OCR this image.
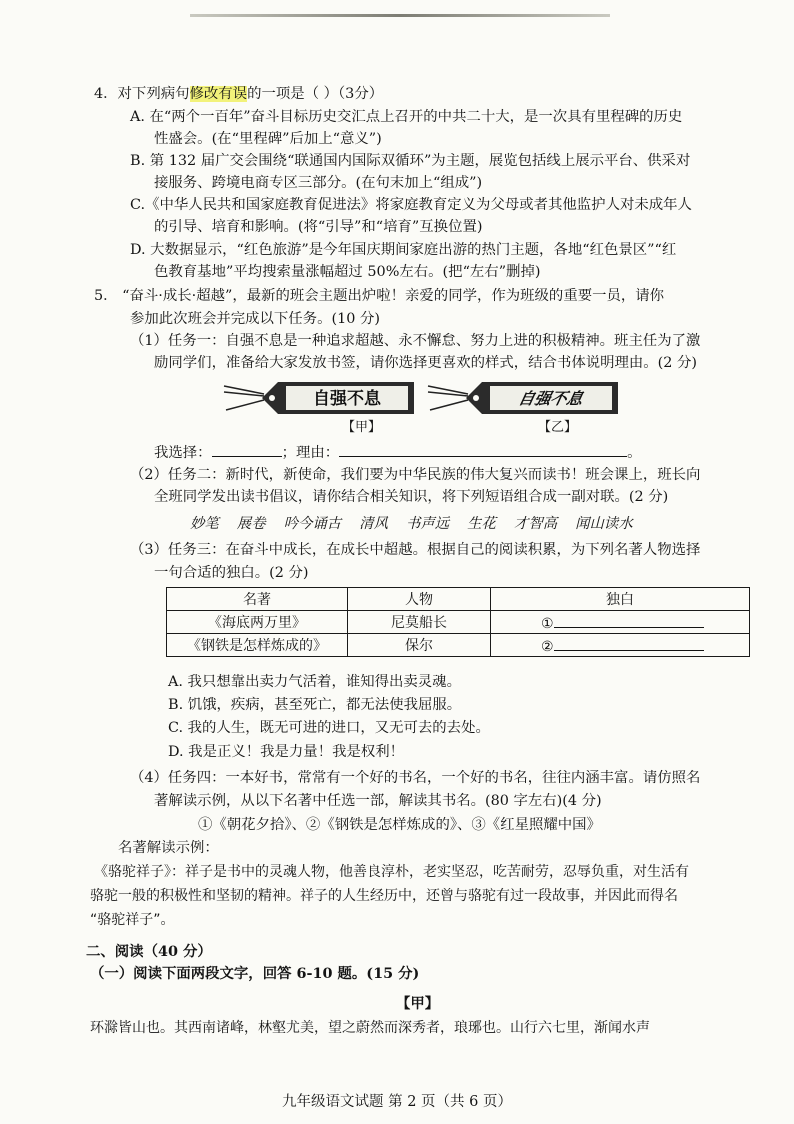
4．对下列病句修改有误的一项是（ ）（3分）
A. 在“两个一百年”奋斗目标历史交汇点上召开的中共二十大，是一次具有里程碑的历史
性盛会。(在“里程碑”后加上“意义”)
B. 第 132 届广交会围绕“联通国内国际双循环”为主题，展览包括线上展示平台、供采对
接服务、跨境电商专区三部分。(在句末加上“组成”)
C.《中华人民共和国家庭教育促进法》将家庭教育定义为父母或者其他监护人对未成年人
的引导、培育和影响。(将“引导”和“培育”互换位置)
D. 大数据显示，“红色旅游”是今年国庆期间家庭出游的热门主题，各地“红色景区”“红
色教育基地”平均搜索量涨幅超过 50%左右。(把“左右”删掉)
5． “奋斗·成长·超越”，最新的班会主题出炉啦！亲爱的同学，作为班级的重要一员，请你
参加此次班会并完成以下任务。(10 分)
（1）任务一：自强不息是一种追求超越、永不懈怠、努力上进的积极精神。班主任为了激
励同学们，准备给大家发放书签，请你选择更喜欢的样式，结合书体说明理由。(2 分)
自强不息	自强不息
【甲】	【乙】
我选择：	；理由：	。
（2）任务二：新时代，新使命，我们要为中华民族的伟大复兴而读书！班会课上，班长向
全班同学发出读书倡议，请你结合相关知识，将下列短语组合成一副对联。(2 分)
妙笔 展卷 吟今诵古 清风 书声远 生花 才智高 闻山读水
（3）任务三：在奋斗中成长，在成长中超越。根据自己的阅读积累，为下列名著人物选择
一句合适的独白。(2 分)
名著	人物	独白
《海底两万里》	尼莫船长	①
《钢铁是怎样炼成的》	保尔	②
A. 我只想靠出卖力气活着，谁知得出卖灵魂。
B. 饥饿，疾病，甚至死亡，都无法使我屈服。
C. 我的人生，既无可进的进口，又无可去的去处。
D. 我是正义！我是力量！我是权利！
（4）任务四：一本好书，常常有一个好的书名，一个好的书名，往往内涵丰富。请仿照名
著解读示例，从以下名著中任选一部，解读其书名。(80 字左右)(4 分)
①《朝花夕拾》、②《钢铁是怎样炼成的》、③《红星照耀中国》
名著解读示例：
《骆驼祥子》：祥子是书中的灵魂人物，他善良淳朴，老实坚忍，吃苦耐劳，忍辱负重，对生活有
骆驼一般的积极性和坚韧的精神。祥子的人生经历中，还曾与骆驼有过一段故事，并因此而得名
“骆驼祥子”。
二、阅读（40 分）
（一）阅读下面两段文字，回答 6-10 题。(15 分)
【甲】
环滁皆山也。其西南诸峰，林壑尤美，望之蔚然而深秀者，琅琊也。山行六七里，渐闻水声
九年级语文试题 第 2 页（共 6 页）
